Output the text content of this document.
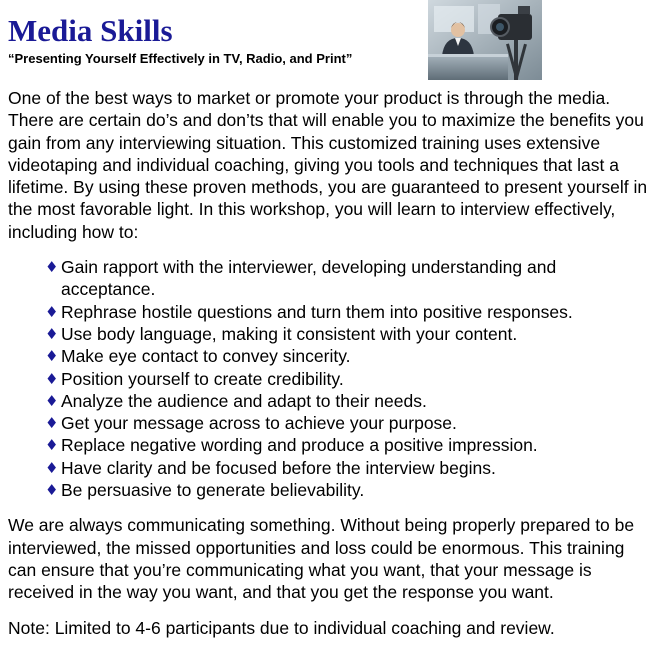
Media Skills
“Presenting Yourself Effectively in TV, Radio, and Print”

One of the best ways to market or promote your product is through the media. There are certain do’s and don’ts that will enable you to maximize the benefits you gain from any interviewing situation. This customized training uses extensive videotaping and individual coaching, giving you tools and techniques that last a lifetime. By using these proven methods, you are guaranteed to present yourself in the most favorable light. In this workshop, you will learn to interview effectively, including how to:

♦ Gain rapport with the interviewer, developing understanding and acceptance.
♦ Rephrase hostile questions and turn them into positive responses.
♦ Use body language, making it consistent with your content.
♦ Make eye contact to convey sincerity.
♦ Position yourself to create credibility.
♦ Analyze the audience and adapt to their needs.
♦ Get your message across to achieve your purpose.
♦ Replace negative wording and produce a positive impression.
♦ Have clarity and be focused before the interview begins.
♦ Be persuasive to generate believability.

We are always communicating something. Without being properly prepared to be interviewed, the missed opportunities and loss could be enormous. This training can ensure that you’re communicating what you want, that your message is received in the way you want, and that you get the response you want.

Note: Limited to 4-6 participants due to individual coaching and review.
